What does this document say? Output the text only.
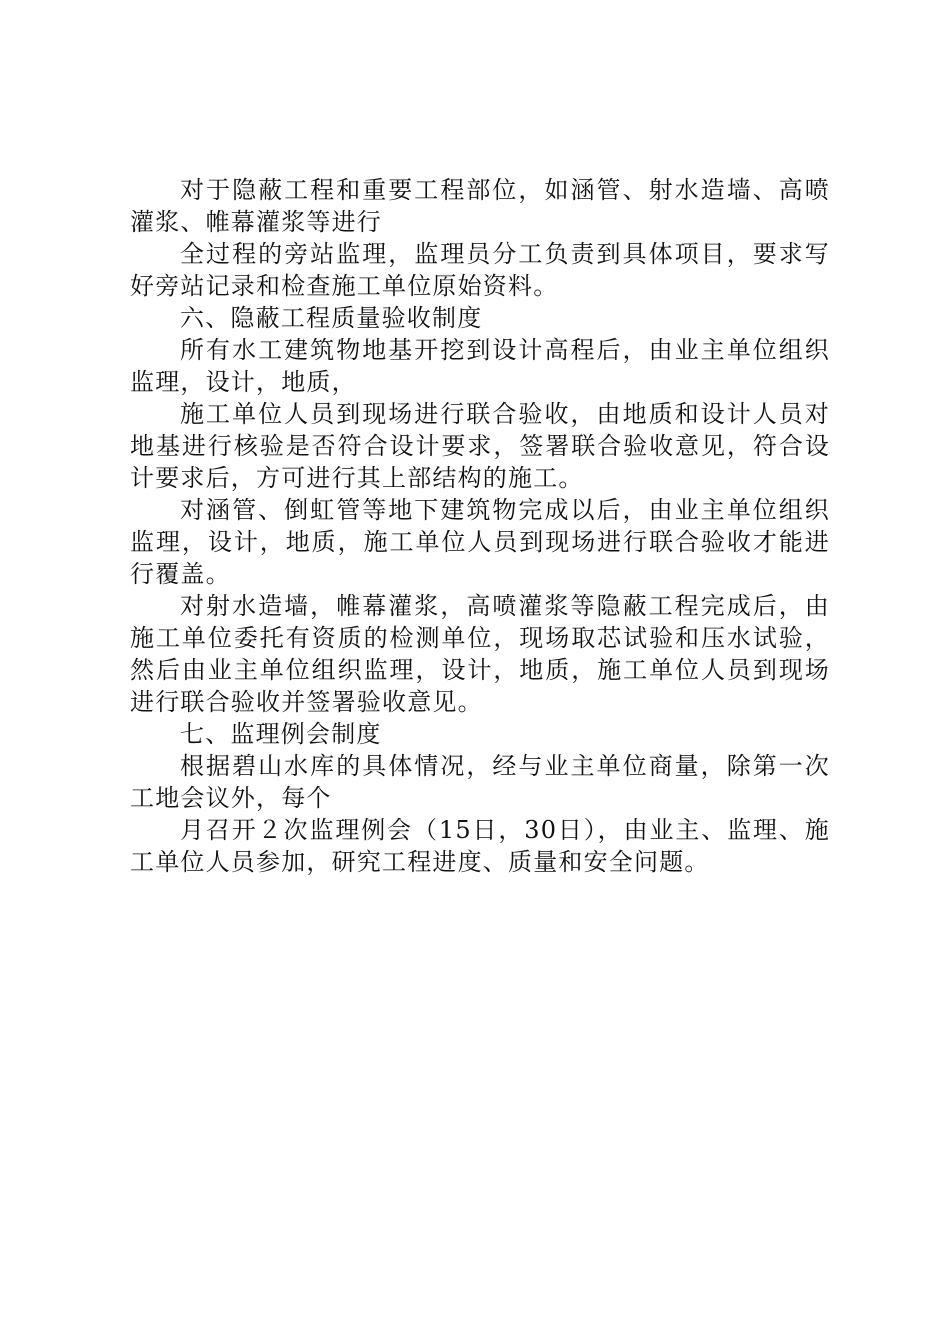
对于隐蔽工程和重要工程部位，如涵管、射水造墙、高喷灌浆、帷幕灌浆等进行

全过程的旁站监理，监理员分工负责到具体项目，要求写好旁站记录和检查施工单位原始资料。

六、隐蔽工程质量验收制度

所有水工建筑物地基开挖到设计高程后，由业主单位组织监理，设计，地质，

施工单位人员到现场进行联合验收，由地质和设计人员对地基进行核验是否符合设计要求，签署联合验收意见，符合设计要求后，方可进行其上部结构的施工。

对涵管、倒虹管等地下建筑物完成以后，由业主单位组织监理，设计，地质，施工单位人员到现场进行联合验收才能进行覆盖。

对射水造墙，帷幕灌浆，高喷灌浆等隐蔽工程完成后，由施工单位委托有资质的检测单位，现场取芯试验和压水试验，然后由业主单位组织监理，设计，地质，施工单位人员到现场进行联合验收并签署验收意见。

七、监理例会制度

根据碧山水库的具体情况，经与业主单位商量，除第一次工地会议外，每个

月召开２次监理例会（15日，30日），由业主、监理、施工单位人员参加，研究工程进度、质量和安全问题。
